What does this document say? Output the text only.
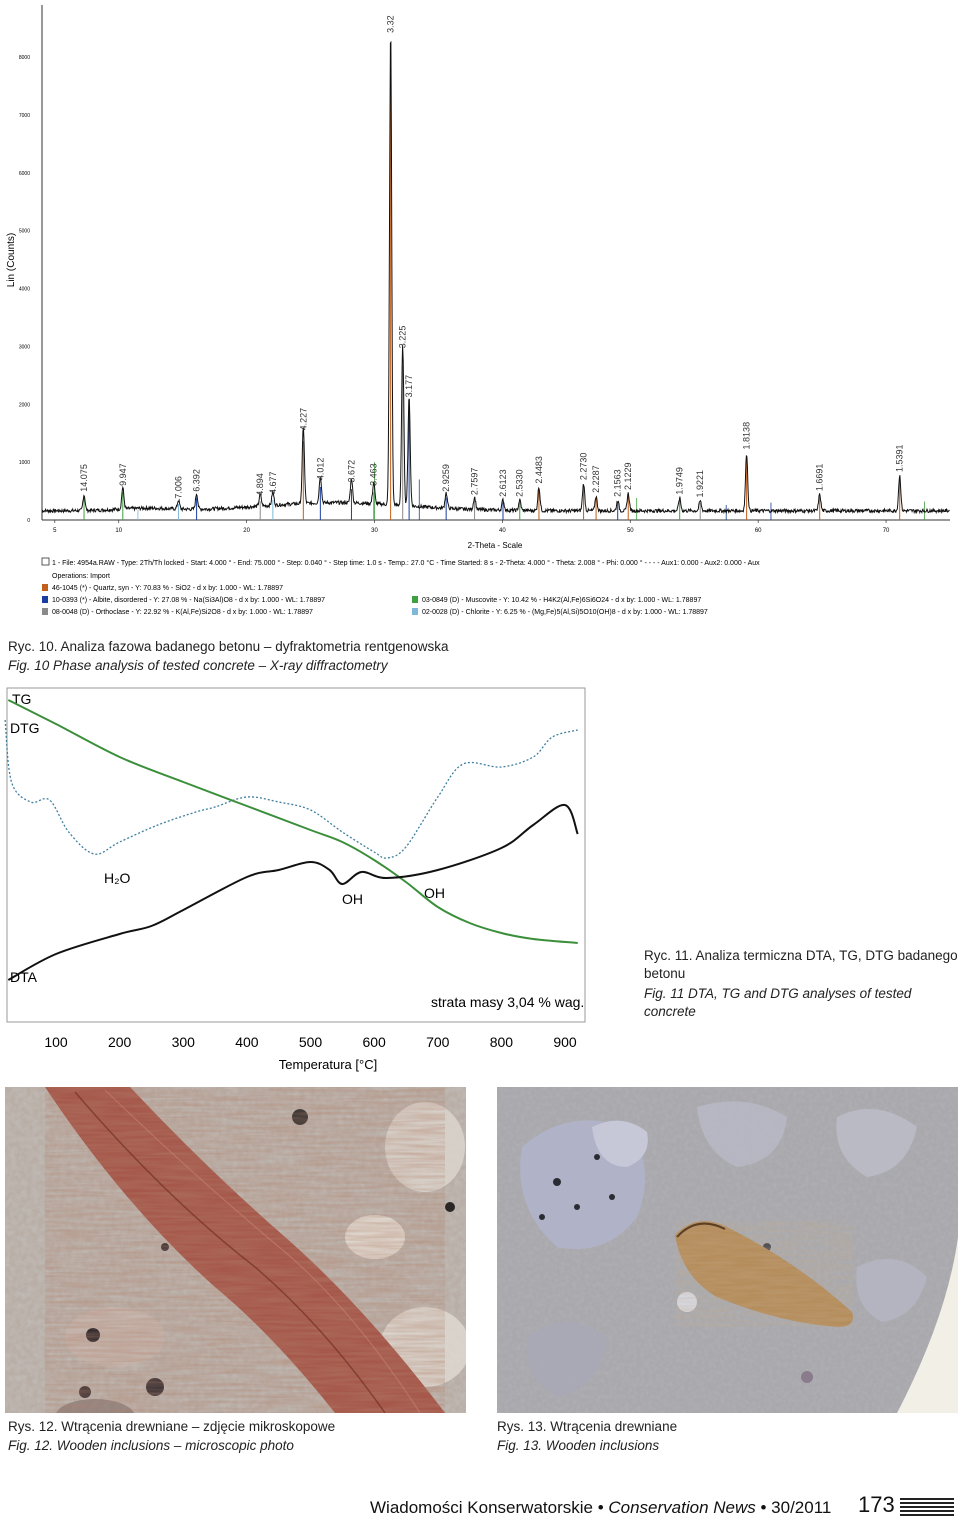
Lin (Counts)
2-Theta - Scale
0
1000
2000
3000
4000
5000
6000
7000
8000
5	10	20	30	40	50	60	70
14.075	9.947
7.006 6.392	4.894 4.677
4.227
4.012 3.672 3.463
3.32
3.225
3.177
2.9259 2.7597 2.6123 2.5330 2.4483	2.2730 2.2287 2.1563 2.1229	1.9749 1.9221
1.8138
1.6691
1.5391
1 - File: 4954a.RAW - Type: 2Th/Th locked - Start: 4.000 ° - End: 75.000 ° - Step: 0.040 ° - Step time: 1.0 s - Temp.: 27.0 °C - Time Started: 8 s - 2-Theta: 4.000 ° - Theta: 2.008 ° - Phi: 0.000 ° - - - - Aux1: 0.000 - Aux2: 0.000 - Aux
Operations: Import
46-1045 (*) - Quartz, syn - Y: 70.83 % - SiO2 - d x by: 1.000 - WL: 1.78897
10-0393 (*) - Albite, disordered - Y: 27.08 % - Na(Si3Al)O8 - d x by: 1.000 - WL: 1.78897
08-0048 (D) - Orthoclase - Y: 22.92 % - K(Al,Fe)Si2O8 - d x by: 1.000 - WL: 1.78897
03-0849 (D) - Muscovite - Y: 10.42 % - H4K2(Al,Fe)6Si6O24 - d x by: 1.000 - WL: 1.78897
02-0028 (D) - Chlorite - Y: 6.25 % - (Mg,Fe)5(Al,Si)5O10(OH)8 - d x by: 1.000 - WL: 1.78897
Ryc. 10. Analiza fazowa badanego betonu – dyfraktometria rentgenowska
Fig. 10 Phase analysis of tested concrete – X-ray diffractometry
TG
DTG
DTA
H₂O
OH	OH
strata masy 3,04 % wag.
100	200	300	400	500	600	700	800	900
Temperatura [°C]
Ryc. 11. Analiza termiczna DTA, TG, DTG badanego betonu
Fig. 11 DTA, TG and DTG analyses of tested concrete
Rys. 12. Wtrącenia drewniane – zdjęcie mikroskopowe
Fig. 12. Wooden inclusions – microscopic photo
Rys. 13. Wtrącenia drewniane
Fig. 13. Wooden inclusions
Wiadomości Konserwatorskie • Conservation News • 30/2011 173
